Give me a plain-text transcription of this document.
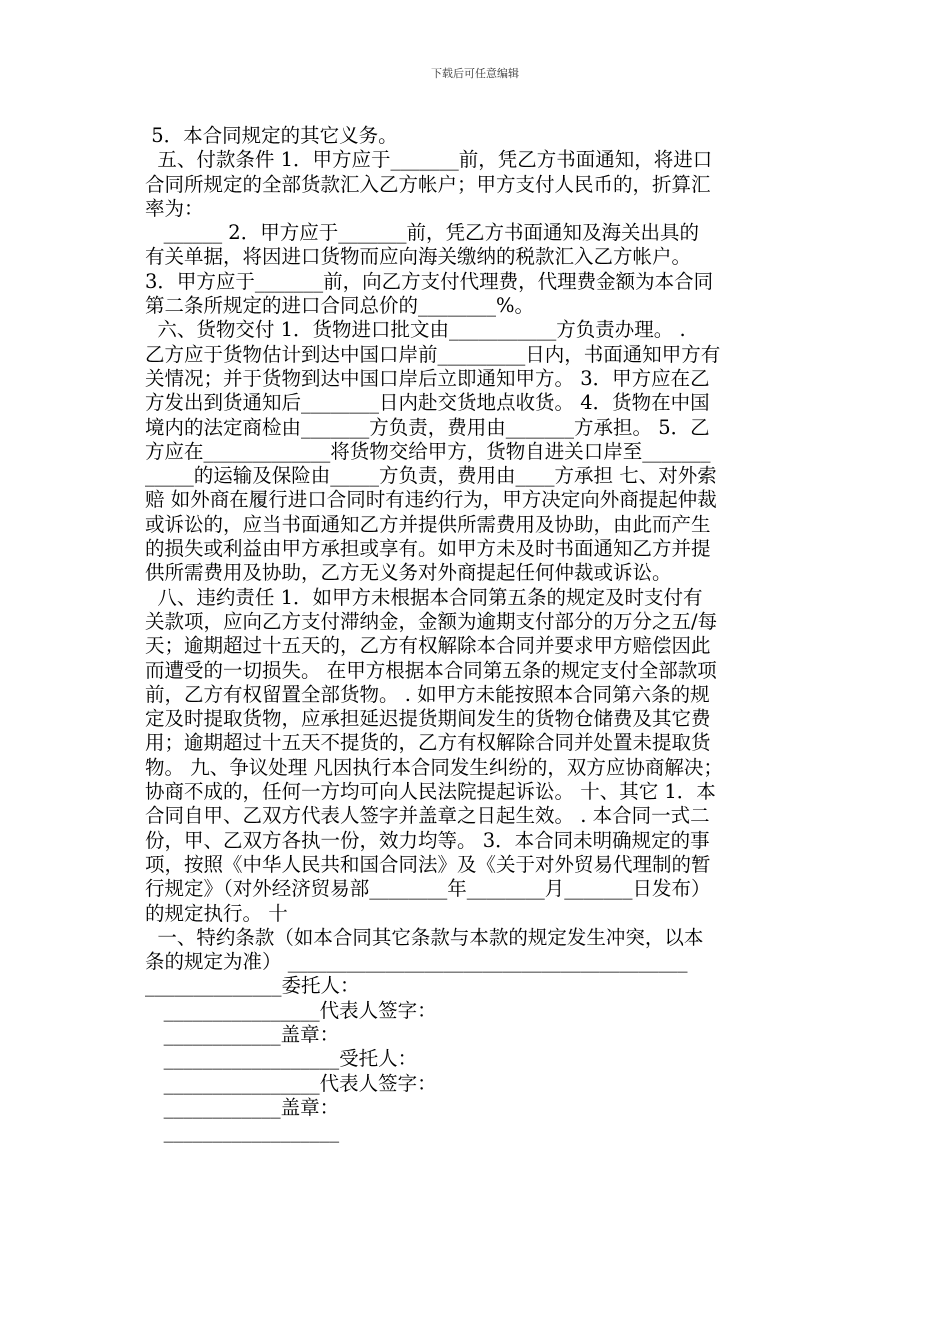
下载后可任意编辑
5．本合同规定的其它义务。
五、付款条件 1．甲方应于_______前，凭乙方书面通知，将进口
合同所规定的全部货款汇入乙方帐户；甲方支付人民币的，折算汇
率为：
______ 2．甲方应于_______前，凭乙方书面通知及海关出具的
有关单据，将因进口货物而应向海关缴纳的税款汇入乙方帐户。
3．甲方应于_______前，向乙方支付代理费，代理费金额为本合同
第二条所规定的进口合同总价的________%。
六、货物交付 1．货物进口批文由___________方负责办理。 .
乙方应于货物估计到达中国口岸前_________日内，书面通知甲方有
关情况；并于货物到达中国口岸后立即通知甲方。 3．甲方应在乙
方发出到货通知后________日内赴交货地点收货。 4．货物在中国
境内的法定商检由_______方负责，费用由_______方承担。 5．乙
方应在_____________将货物交给甲方，货物自进关口岸至_______
_____的运输及保险由_____方负责，费用由____方承担 七、对外索
赔 如外商在履行进口合同时有违约行为，甲方决定向外商提起仲裁
或诉讼的，应当书面通知乙方并提供所需费用及协助，由此而产生
的损失或利益由甲方承担或享有。如甲方未及时书面通知乙方并提
供所需费用及协助，乙方无义务对外商提起任何仲裁或诉讼。
八、违约责任 1．如甲方未根据本合同第五条的规定及时支付有
关款项，应向乙方支付滞纳金，金额为逾期支付部分的万分之五/每
天；逾期超过十五天的，乙方有权解除本合同并要求甲方赔偿因此
而遭受的一切损失。 在甲方根据本合同第五条的规定支付全部款项
前，乙方有权留置全部货物。 . 如甲方未能按照本合同第六条的规
定及时提取货物，应承担延迟提货期间发生的货物仓储费及其它费
用；逾期超过十五天不提货的，乙方有权解除合同并处置未提取货
物。 九、争议处理 凡因执行本合同发生纠纷的，双方应协商解决；
协商不成的，任何一方均可向人民法院提起诉讼。 十、其它 1．本
合同自甲、乙双方代表人签字并盖章之日起生效。 . 本合同一式二
份，甲、乙双方各执一份，效力均等。 3．本合同未明确规定的事
项，按照《中华人民共和国合同法》及《关于对外贸易代理制的暂
行规定》（对外经济贸易部________年________月_______日发布）
的规定执行。 十
一、特约条款（如本合同其它条款与本款的规定发生冲突，以本
条的规定为准） _________________________________________
______________委托人：
________________代表人签字：
____________盖章：
__________________受托人：
________________代表人签字：
____________盖章：
__________________
